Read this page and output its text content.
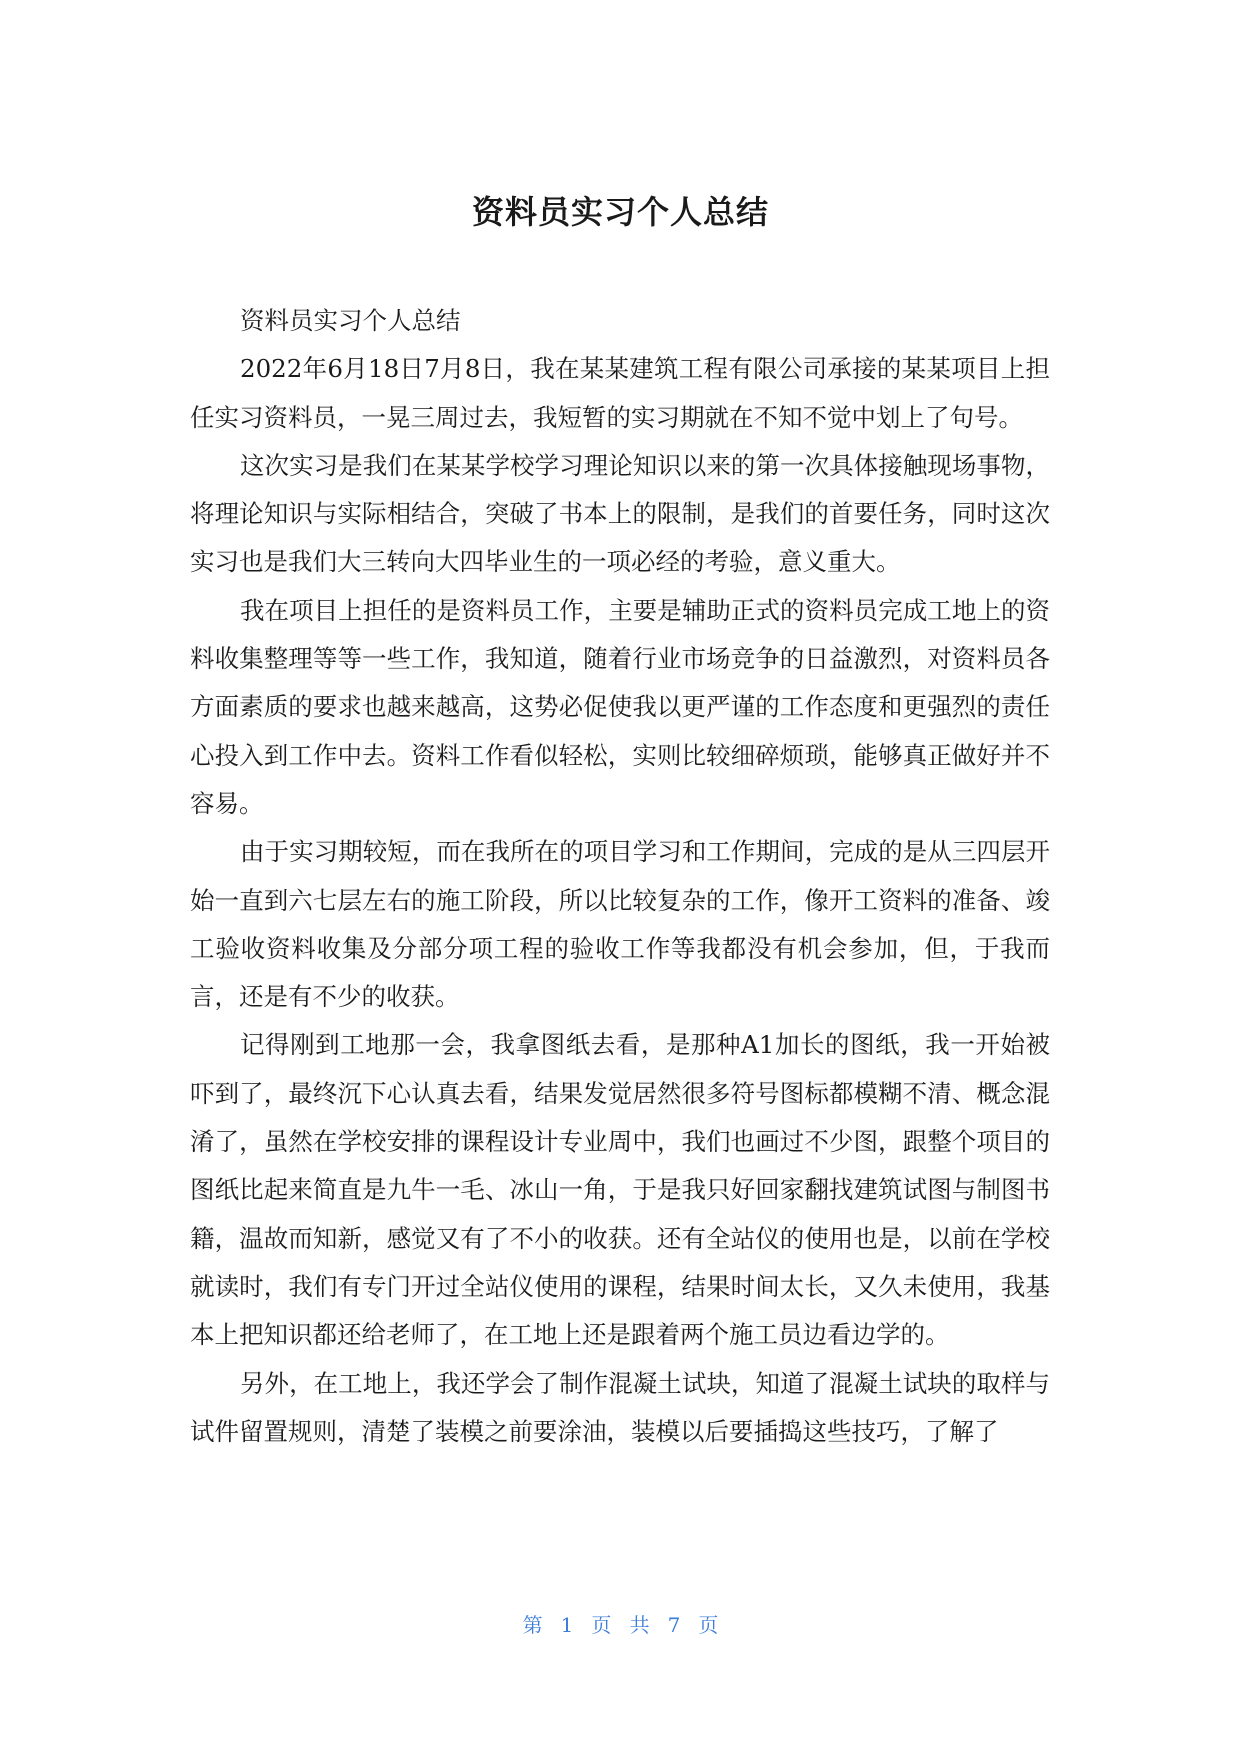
资料员实习个人总结

资料员实习个人总结

2022年6月18日7月8日，我在某某建筑工程有限公司承接的某某项目上担任实习资料员，一晃三周过去，我短暂的实习期就在不知不觉中划上了句号。

这次实习是我们在某某学校学习理论知识以来的第一次具体接触现场事物，将理论知识与实际相结合，突破了书本上的限制，是我们的首要任务，同时这次实习也是我们大三转向大四毕业生的一项必经的考验，意义重大。

我在项目上担任的是资料员工作，主要是辅助正式的资料员完成工地上的资料收集整理等等一些工作，我知道，随着行业市场竞争的日益激烈，对资料员各方面素质的要求也越来越高，这势必促使我以更严谨的工作态度和更强烈的责任心投入到工作中去。资料工作看似轻松，实则比较细碎烦琐，能够真正做好并不容易。

由于实习期较短，而在我所在的项目学习和工作期间，完成的是从三四层开始一直到六七层左右的施工阶段，所以比较复杂的工作，像开工资料的准备、竣工验收资料收集及分部分项工程的验收工作等我都没有机会参加，但，于我而言，还是有不少的收获。

记得刚到工地那一会，我拿图纸去看，是那种A1加长的图纸，我一开始被吓到了，最终沉下心认真去看，结果发觉居然很多符号图标都模糊不清、概念混淆了，虽然在学校安排的课程设计专业周中，我们也画过不少图，跟整个项目的图纸比起来简直是九牛一毛、冰山一角，于是我只好回家翻找建筑试图与制图书籍，温故而知新，感觉又有了不小的收获。还有全站仪的使用也是，以前在学校就读时，我们有专门开过全站仪使用的课程，结果时间太长，又久未使用，我基本上把知识都还给老师了，在工地上还是跟着两个施工员边看边学的。

另外，在工地上，我还学会了制作混凝土试块，知道了混凝土试块的取样与试件留置规则，清楚了装模之前要涂油，装模以后要插捣这些技巧，了解了

第 1 页 共 7 页
